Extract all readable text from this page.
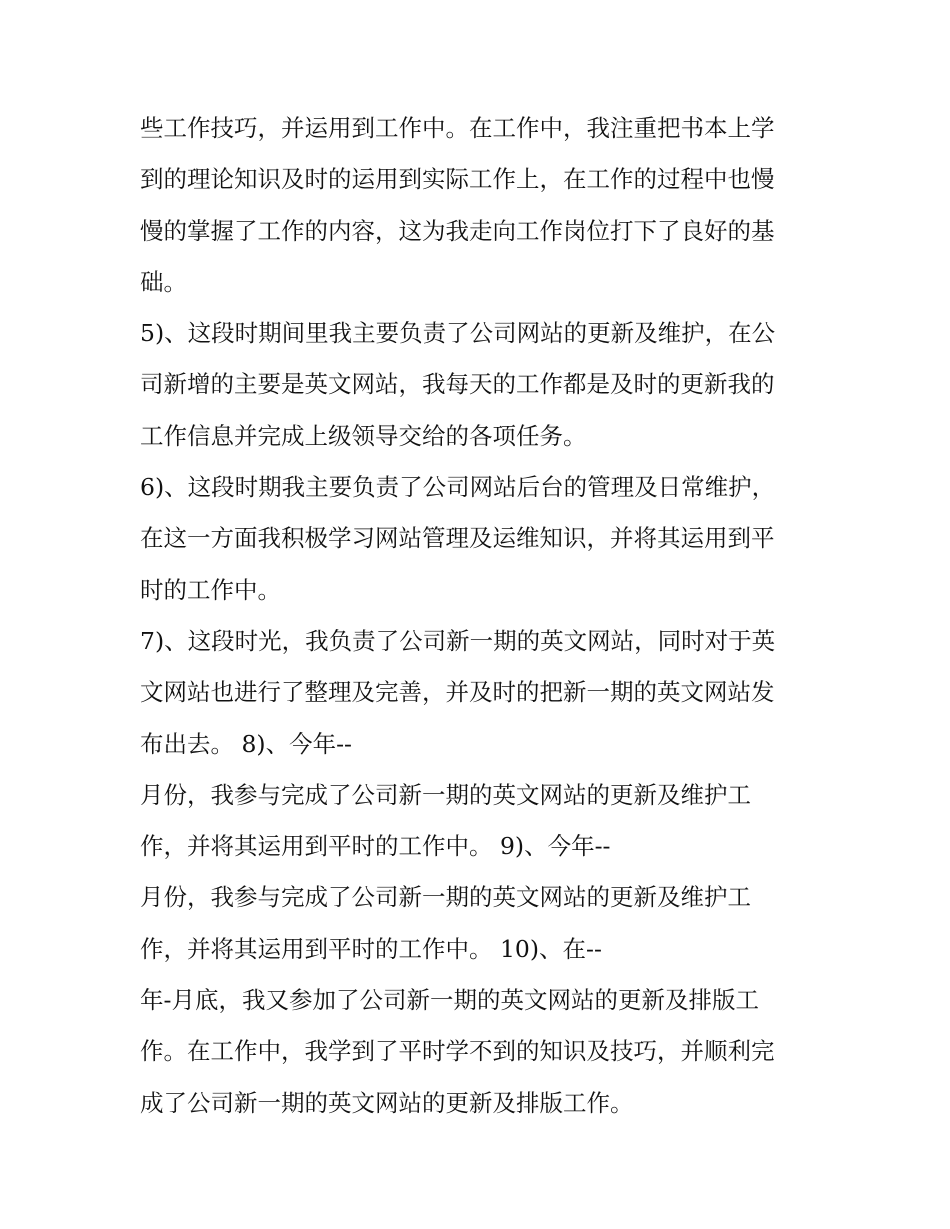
些工作技巧，并运用到工作中。在工作中，我注重把书本上学
到的理论知识及时的运用到实际工作上，在工作的过程中也慢
慢的掌握了工作的内容，这为我走向工作岗位打下了良好的基
础。
5)、这段时期间里我主要负责了公司网站的更新及维护，在公
司新增的主要是英文网站，我每天的工作都是及时的更新我的
工作信息并完成上级领导交给的各项任务。
6)、这段时期我主要负责了公司网站后台的管理及日常维护，
在这一方面我积极学习网站管理及运维知识，并将其运用到平
时的工作中。
7)、这段时光，我负责了公司新一期的英文网站，同时对于英
文网站也进行了整理及完善，并及时的把新一期的英文网站发
布出去。 8)、今年--
月份，我参与完成了公司新一期的英文网站的更新及维护工
作，并将其运用到平时的工作中。 9)、今年--
月份，我参与完成了公司新一期的英文网站的更新及维护工
作，并将其运用到平时的工作中。 10)、在--
年-月底，我又参加了公司新一期的英文网站的更新及排版工
作。在工作中，我学到了平时学不到的知识及技巧，并顺利完
成了公司新一期的英文网站的更新及排版工作。
